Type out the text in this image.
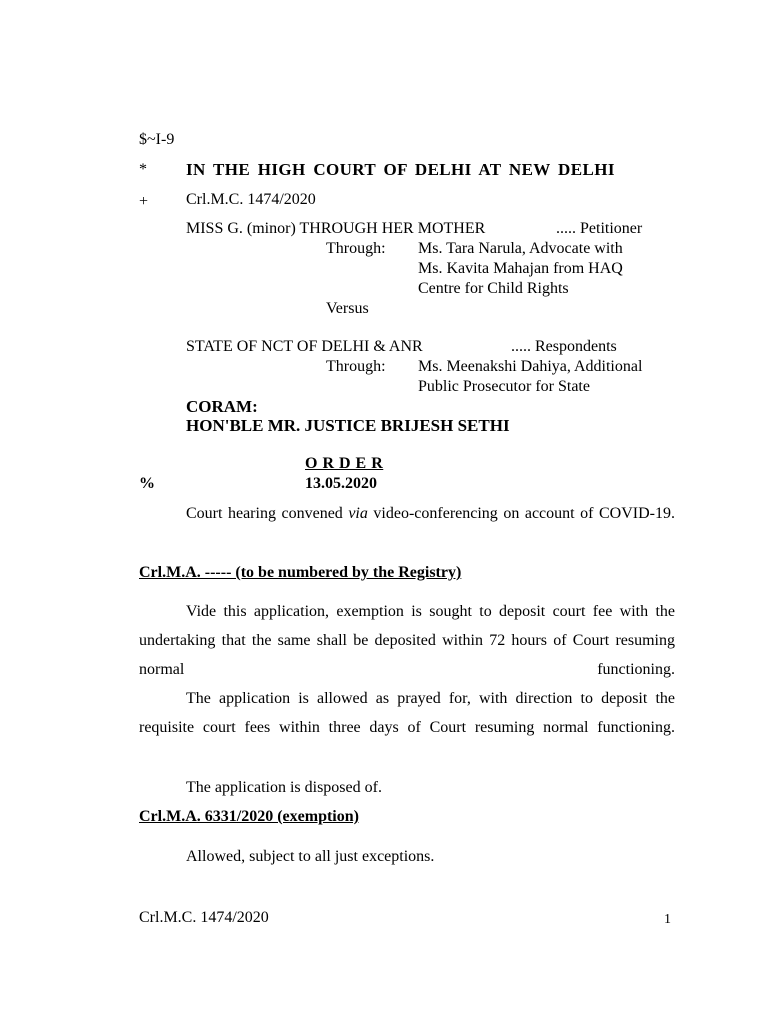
$~I-9
* IN THE HIGH COURT OF DELHI AT NEW DELHI
+ Crl.M.C. 1474/2020
MISS G. (minor) THROUGH HER MOTHER	..... Petitioner
Through: Ms. Tara Narula, Advocate with
Ms. Kavita Mahajan from HAQ
Centre for Child Rights
Versus
STATE OF NCT OF DELHI & ANR	..... Respondents
Through: Ms. Meenakshi Dahiya, Additional
Public Prosecutor for State
CORAM:
HON'BLE MR. JUSTICE BRIJESH SETHI
O R D E R
%	13.05.2020
Court hearing convened via video-conferencing on account of COVID-19.
Crl.M.A. ----- (to be numbered by the Registry)
Vide this application, exemption is sought to deposit court fee with the undertaking that the same shall be deposited within 72 hours of Court resuming normal functioning.
The application is allowed as prayed for, with direction to deposit the requisite court fees within three days of Court resuming normal functioning.
The application is disposed of.
Crl.M.A. 6331/2020 (exemption)
Allowed, subject to all just exceptions.
Crl.M.C. 1474/2020	1
